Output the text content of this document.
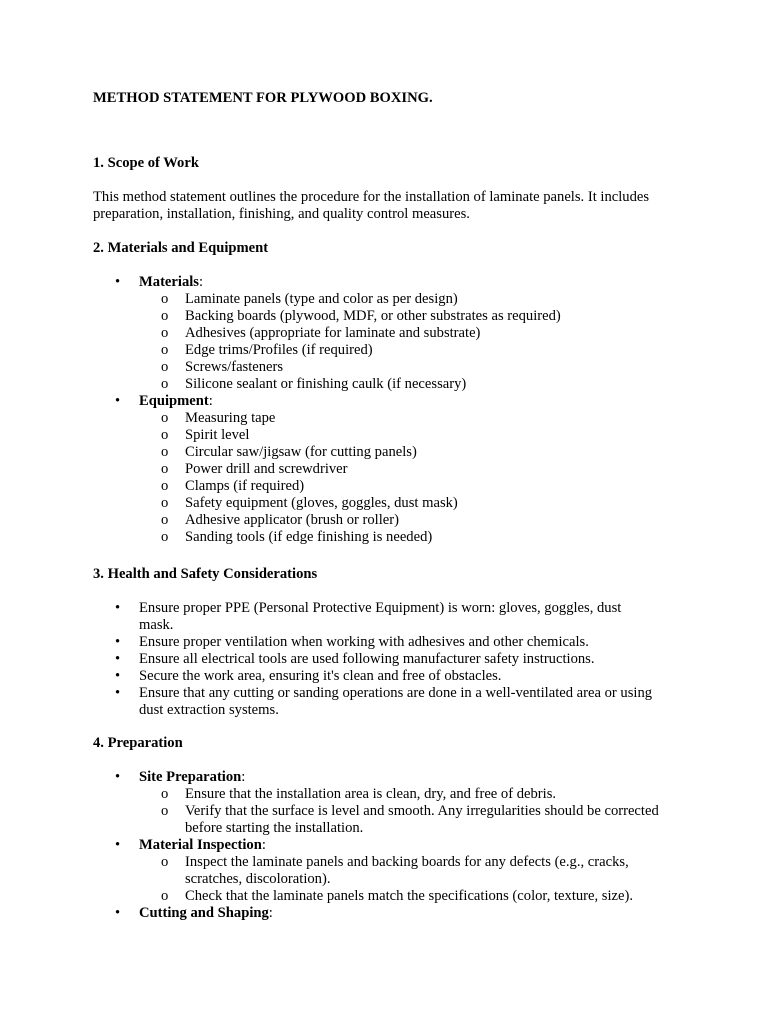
METHOD STATEMENT FOR PLYWOOD BOXING.
1. Scope of Work

This method statement outlines the procedure for the installation of laminate panels. It includes preparation, installation, finishing, and quality control measures.

2. Materials and Equipment
• Materials:
o Laminate panels (type and color as per design)
o Backing boards (plywood, MDF, or other substrates as required)
o Adhesives (appropriate for laminate and substrate)
o Edge trims/Profiles (if required)
o Screws/fasteners
o Silicone sealant or finishing caulk (if necessary)
• Equipment:
o Measuring tape
o Spirit level
o Circular saw/jigsaw (for cutting panels)
o Power drill and screwdriver
o Clamps (if required)
o Safety equipment (gloves, goggles, dust mask)
o Adhesive applicator (brush or roller)
o Sanding tools (if edge finishing is needed)
3. Health and Safety Considerations
• Ensure proper PPE (Personal Protective Equipment) is worn: gloves, goggles, dust mask.
• Ensure proper ventilation when working with adhesives and other chemicals.
• Ensure all electrical tools are used following manufacturer safety instructions.
• Secure the work area, ensuring it's clean and free of obstacles.
• Ensure that any cutting or sanding operations are done in a well-ventilated area or using dust extraction systems.
4. Preparation
• Site Preparation:
o Ensure that the installation area is clean, dry, and free of debris.
o Verify that the surface is level and smooth. Any irregularities should be corrected before starting the installation.
• Material Inspection:
o Inspect the laminate panels and backing boards for any defects (e.g., cracks, scratches, discoloration).
o Check that the laminate panels match the specifications (color, texture, size).
• Cutting and Shaping:
